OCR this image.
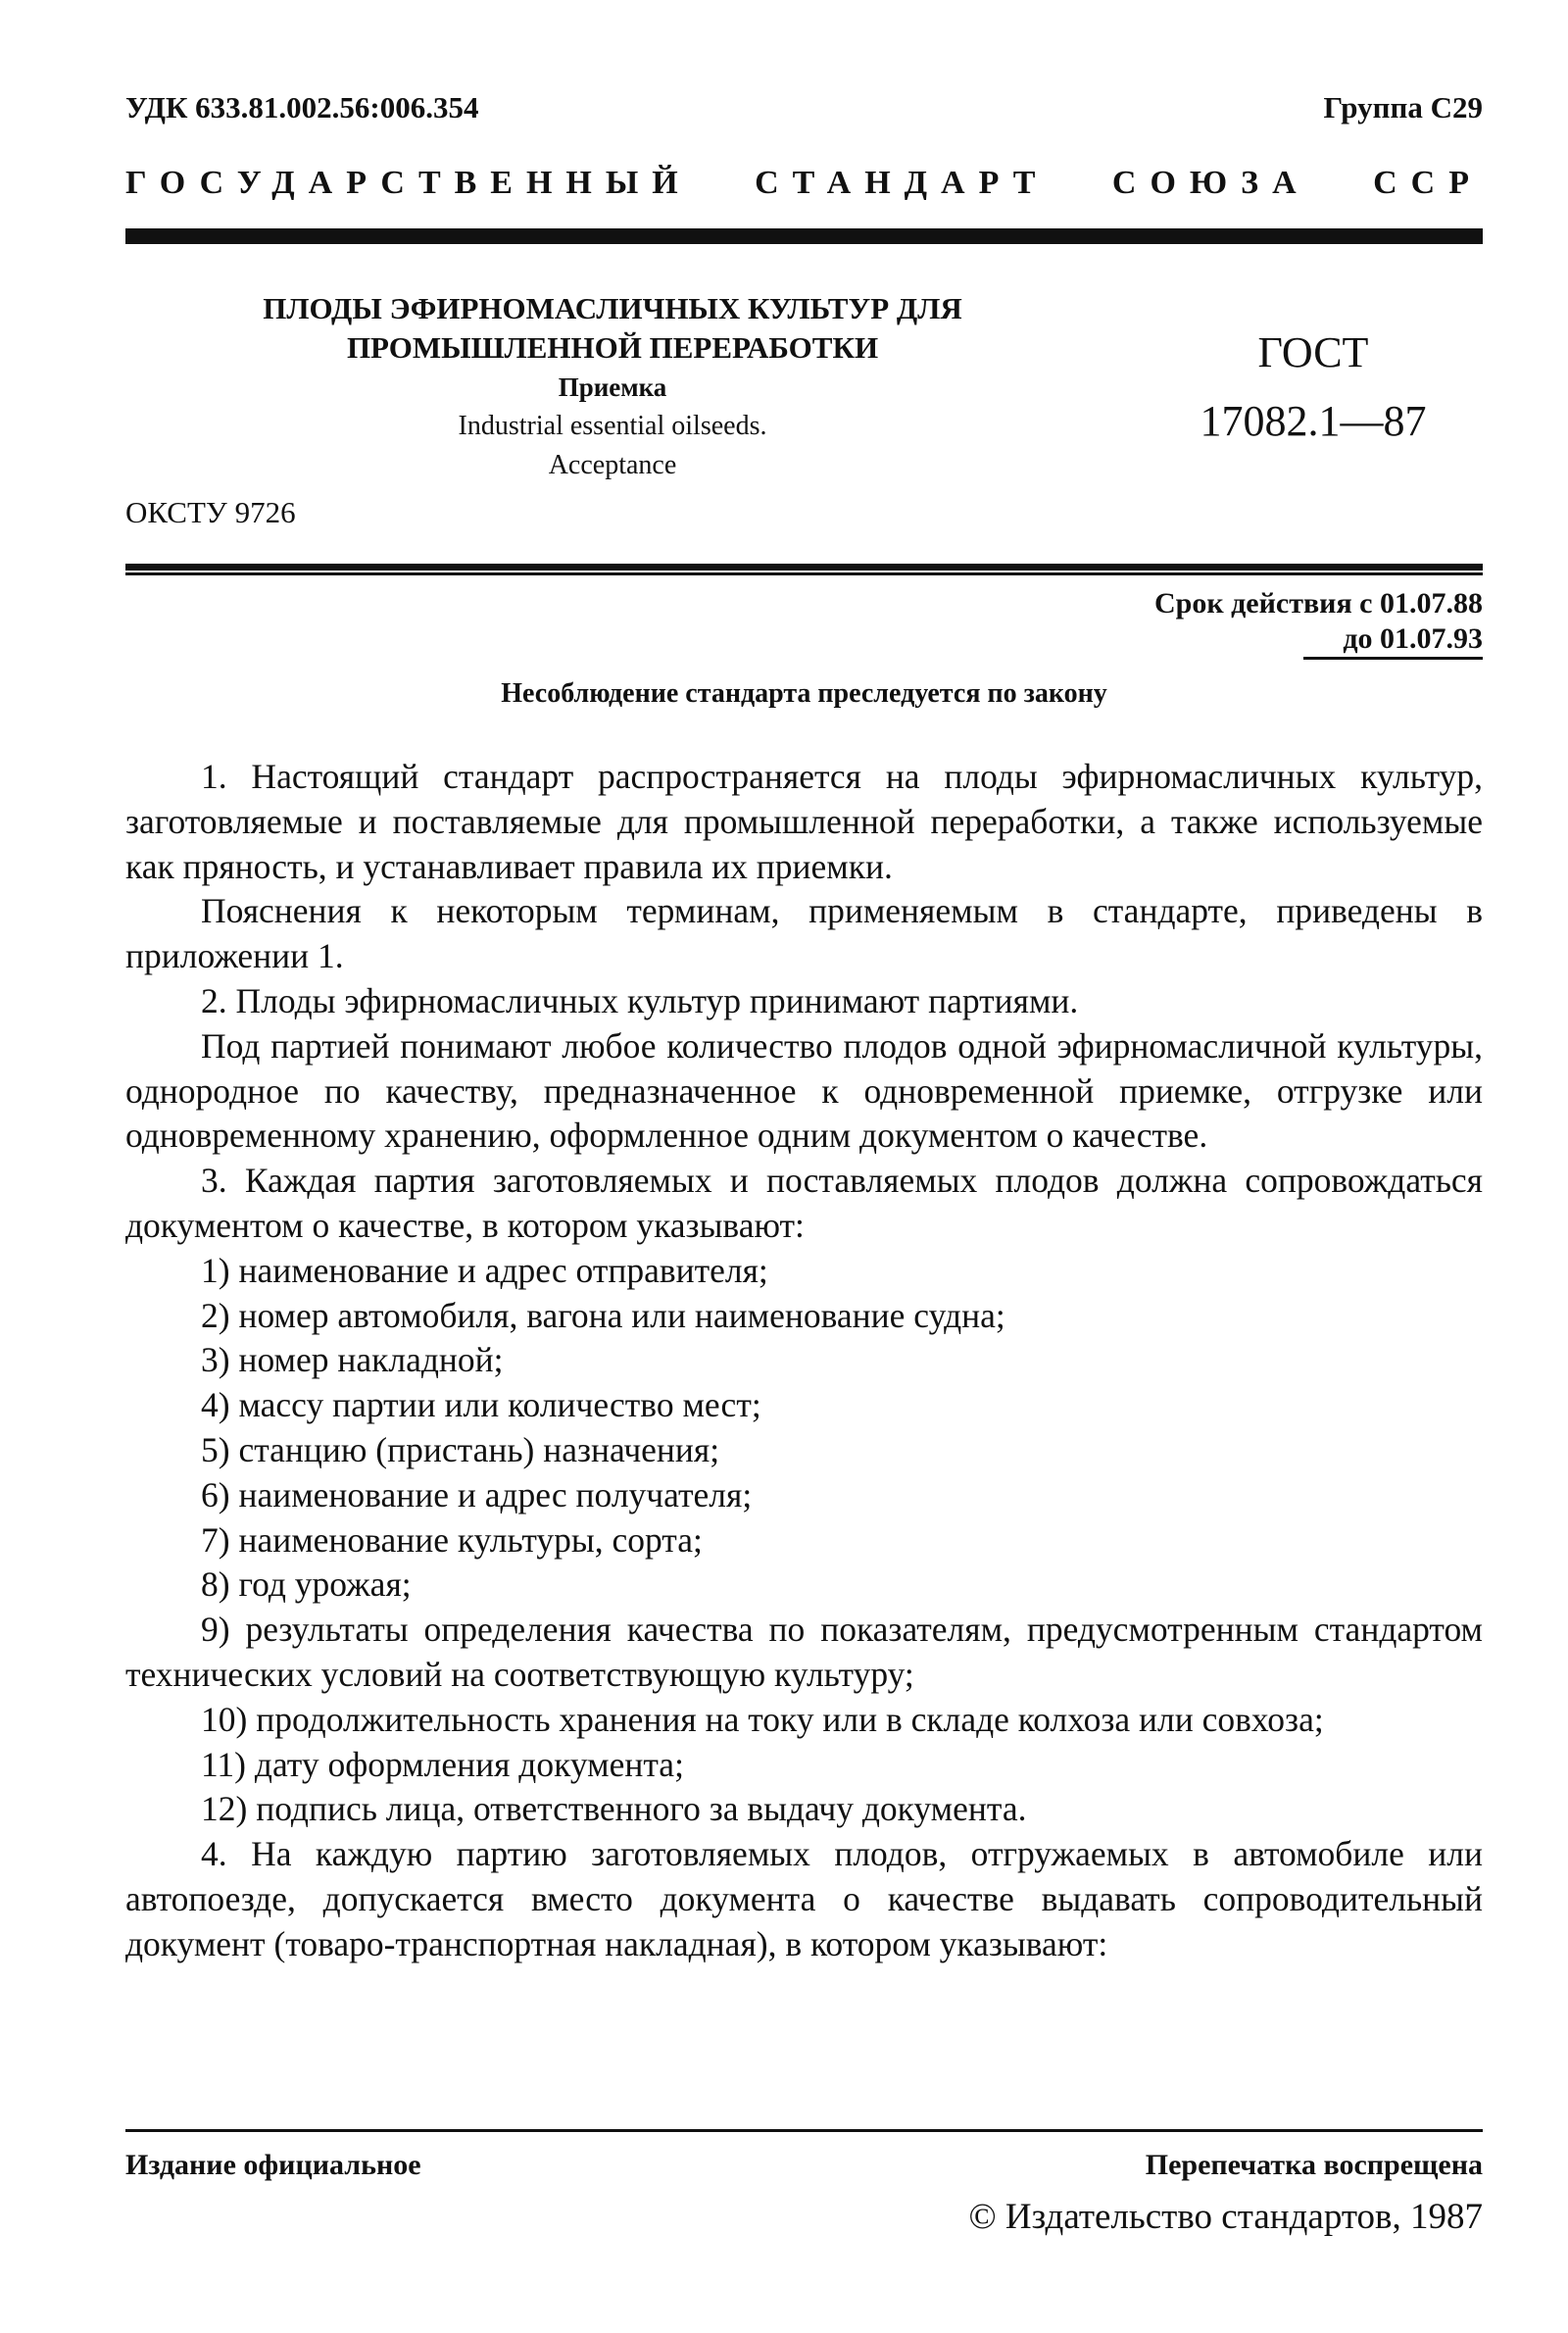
УДК 633.81.002.56:006.354	Группа С29
ГОСУДАРСТВЕННЫЙ СТАНДАРТ СОЮЗА ССР
ПЛОДЫ ЭФИРНОМАСЛИЧНЫХ КУЛЬТУР ДЛЯ
ПРОМЫШЛЕННОЙ ПЕРЕРАБОТКИ
Приемка
Industrial essential oilseeds.
Acceptance
ГОСТ
17082.1—87
ОКСТУ 9726
Срок действия с 01.07.88
до 01.07.93
Несоблюдение стандарта преследуется по закону

1. Настоящий стандарт распространяется на плоды эфирномасличных культур, заготовляемые и поставляемые для промышленной переработки, а также используемые как пряность, и устанавливает правила их приемки.

Пояснения к некоторым терминам, применяемым в стандарте, приведены в приложении 1.

2. Плоды эфирномасличных культур принимают партиями.

Под партией понимают любое количество плодов одной эфирномасличной культуры, однородное по качеству, предназначенное к одновременной приемке, отгрузке или одновременному хранению, оформленное одним документом о качестве.

3. Каждая партия заготовляемых и поставляемых плодов должна сопровождаться документом о качестве, в котором указывают:

1) наименование и адрес отправителя;

2) номер автомобиля, вагона или наименование судна;

3) номер накладной;

4) массу партии или количество мест;

5) станцию (пристань) назначения;

6) наименование и адрес получателя;

7) наименование культуры, сорта;

8) год урожая;

9) результаты определения качества по показателям, предусмотренным стандартом технических условий на соответствующую культуру;

10) продолжительность хранения на току или в складе колхоза или совхоза;

11) дату оформления документа;

12) подпись лица, ответственного за выдачу документа.

4. На каждую партию заготовляемых плодов, отгружаемых в автомобиле или автопоезде, допускается вместо документа о качестве выдавать сопроводительный документ (товаро-транспортная накладная), в котором указывают:

Издание официальное	Перепечатка воспрещена
© Издательство стандартов, 1987
